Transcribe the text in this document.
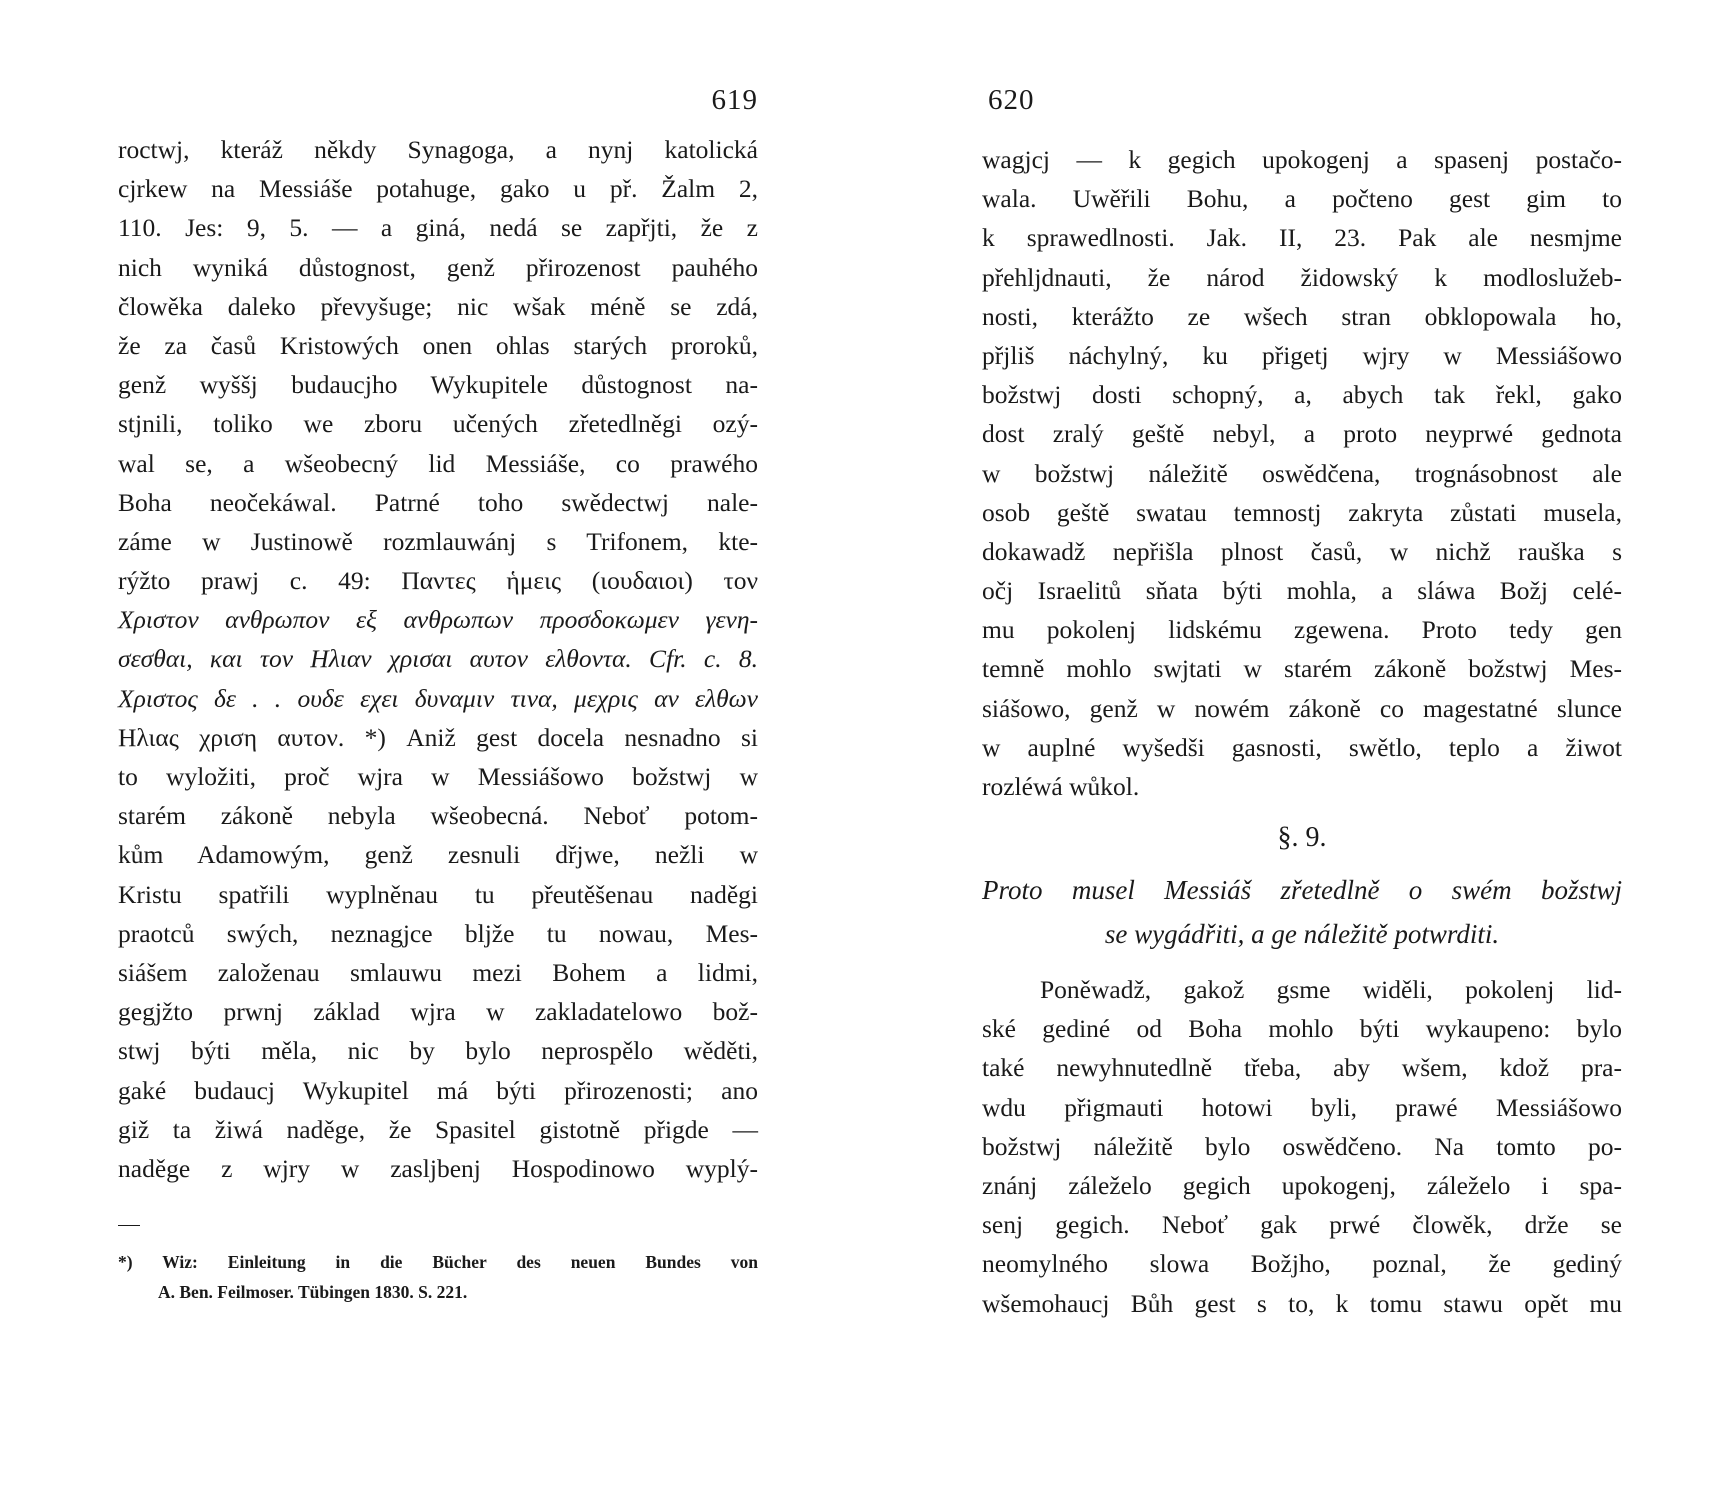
619
roctwj, kteráž někdy Synagoga, a nynj katolická
cjrkew na Messiáše potahuge, gako u př. Žalm 2,
110. Jes: 9, 5. — a giná, nedá se zapřjti, že z
nich wyniká důstognost, genž přirozenost pauhého
člowěka daleko převyšuge; nic wšak méně se zdá,
že za časů Kristowých onen ohlas starých proroků,
genž wyššj budaucjho Wykupitele důstognost na-
stjnili, toliko we zboru učených zřetedlněgi ozý-
wal se, a wšeobecný lid Messiáše, co prawého
Boha neočekáwal. Patrné toho swědectwj nale-
záme w Justinowě rozmlauwánj s Trifonem, kte-
rýžto prawj c. 49: Παντες ἡμεις (ιουδαιοι) τον
Χριστον ανθρωπον εξ ανθρωπων προσδοκωμεν γενη-
σεσθαι, και τον Ηλιαν χρισαι αυτον ελθοντα. Cfr. c. 8.
Χριστος δε . . ουδε εχει δυναμιν τινα, μεχρις αν ελθων
Ηλιας χριση αυτον. *) Aniž gest docela nesnadno si
to wyložiti, proč wjra w Messiášowo božstwj w
starém zákoně nebyla wšeobecná. Neboť potom-
kům Adamowým, genž zesnuli dřjwe, nežli w
Kristu spatřili wyplněnau tu přeutěšenau naděgi
praotců swých, neznagjce bljže tu nowau, Mes-
siášem založenau smlauwu mezi Bohem a lidmi,
gegjžto prwnj základ wjra w zakladatelowo bož-
stwj býti měla, nic by bylo neprospělo wěděti,
gaké budaucj Wykupitel má býti přirozenosti; ano
giž ta žiwá naděge, že Spasitel gistotně přigde —
naděge z wjry w zaslјbenj Hospodinowo wyplý-
*) Wiz: Einleitung in die Bücher des neuen Bundes von
A. Ben. Feilmoser. Tübingen 1830. S. 221.
620
wagjcj — k gegich upokogenj a spasenj postačo-
wala. Uwěřili Bohu, a počteno gest gim to
k sprawedlnosti. Jak. II, 23. Pak ale nesmjme
přehljdnauti, že národ židowský k modloslužeb-
nosti, kterážto ze wšech stran obklopowala ho,
přjliš náchylný, ku přigetj wjry w Messiášowo
božstwj dosti schopný, a, abych tak řekl, gako
dost zralý geště nebyl, a proto neyprwé gednota
w božstwj náležitě oswědčena, trognásobnost ale
osob geště swatau temnostj zakryta zůstati musela,
dokawadž nepřišla plnost časů, w nichž rauška s
očj Israelitů sňata býti mohla, a sláwa Božj celé-
mu pokolenj lidskému zgewena. Proto tedy gen
temně mohlo swjtati w starém zákoně božstwj Mes-
siášowo, genž w nowém zákoně co magestatné slunce
w auplné wyšedši gasnosti, swětlo, teplo a žiwot
rozléwá wůkol.
§. 9.
Proto musel Messiáš zřetedlně o swém božstwj
se wygádřiti, a ge náležitě potwrditi.
Poněwadž, gakož gsme widěli, pokolenj lid-
ské gediné od Boha mohlo býti wykaupeno: bylo
také newyhnutedlně třeba, aby wšem, kdož pra-
wdu přigmauti hotowi byli, prawé Messiášowo
božstwj náležitě bylo oswědčeno. Na tomto po-
znánj záleželo gegich upokogenj, záleželo i spa-
senj gegich. Neboť gak prwé člowěk, drže se
neomylného slowa Božjho, poznal, že gediný
wšemohaucj Bůh gest s to, k tomu stawu opět mu
